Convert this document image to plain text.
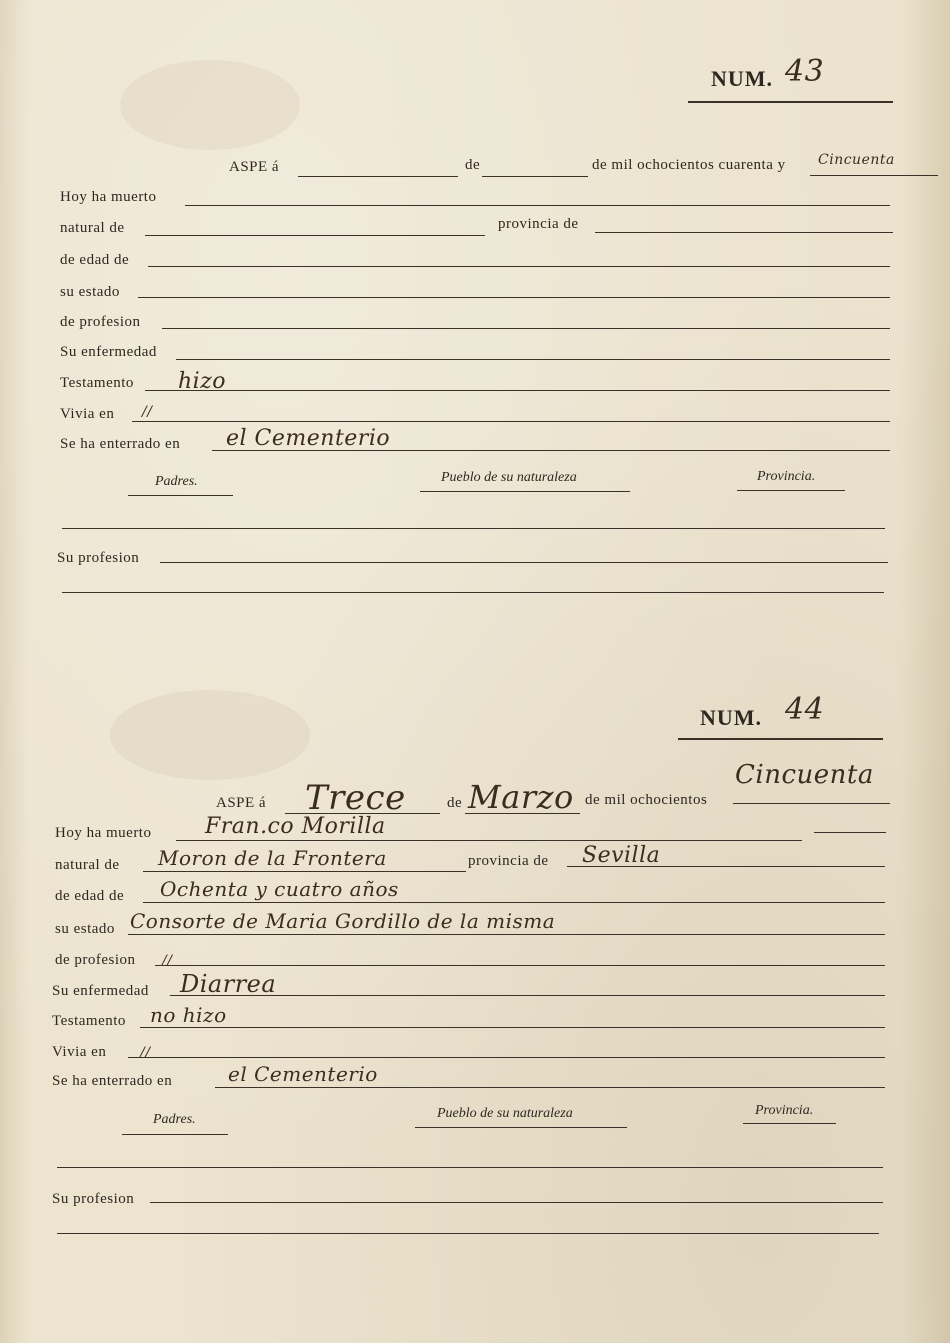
NUM. 43
ASPE á	de	de mil ochocientos cuarenta y Cincuenta
Hoy ha muerto
natural de	provincia de
de edad de
su estado
de profesion
Su enfermedad
Testamento hizo
Vivia en //
Se ha enterrado en el Cementerio
Padres.	Pueblo de su naturaleza	Provincia.
Su profesion
NUM. 44
ASPE á Trece	de Marzo de mil ochocientos
Cincuenta
Hoy ha muerto Fran.co Morilla
natural de Moron de la Frontera	provincia de Sevilla
de edad de Ochenta y cuatro años
su estado Consorte de Maria Gordillo de la misma
de profesion //
Su enfermedad Diarrea
Testamento no hizo
Vivia en //
Se ha enterrado en	el Cementerio
Padres.	Pueblo de su naturaleza	Provincia.
Su profesion
